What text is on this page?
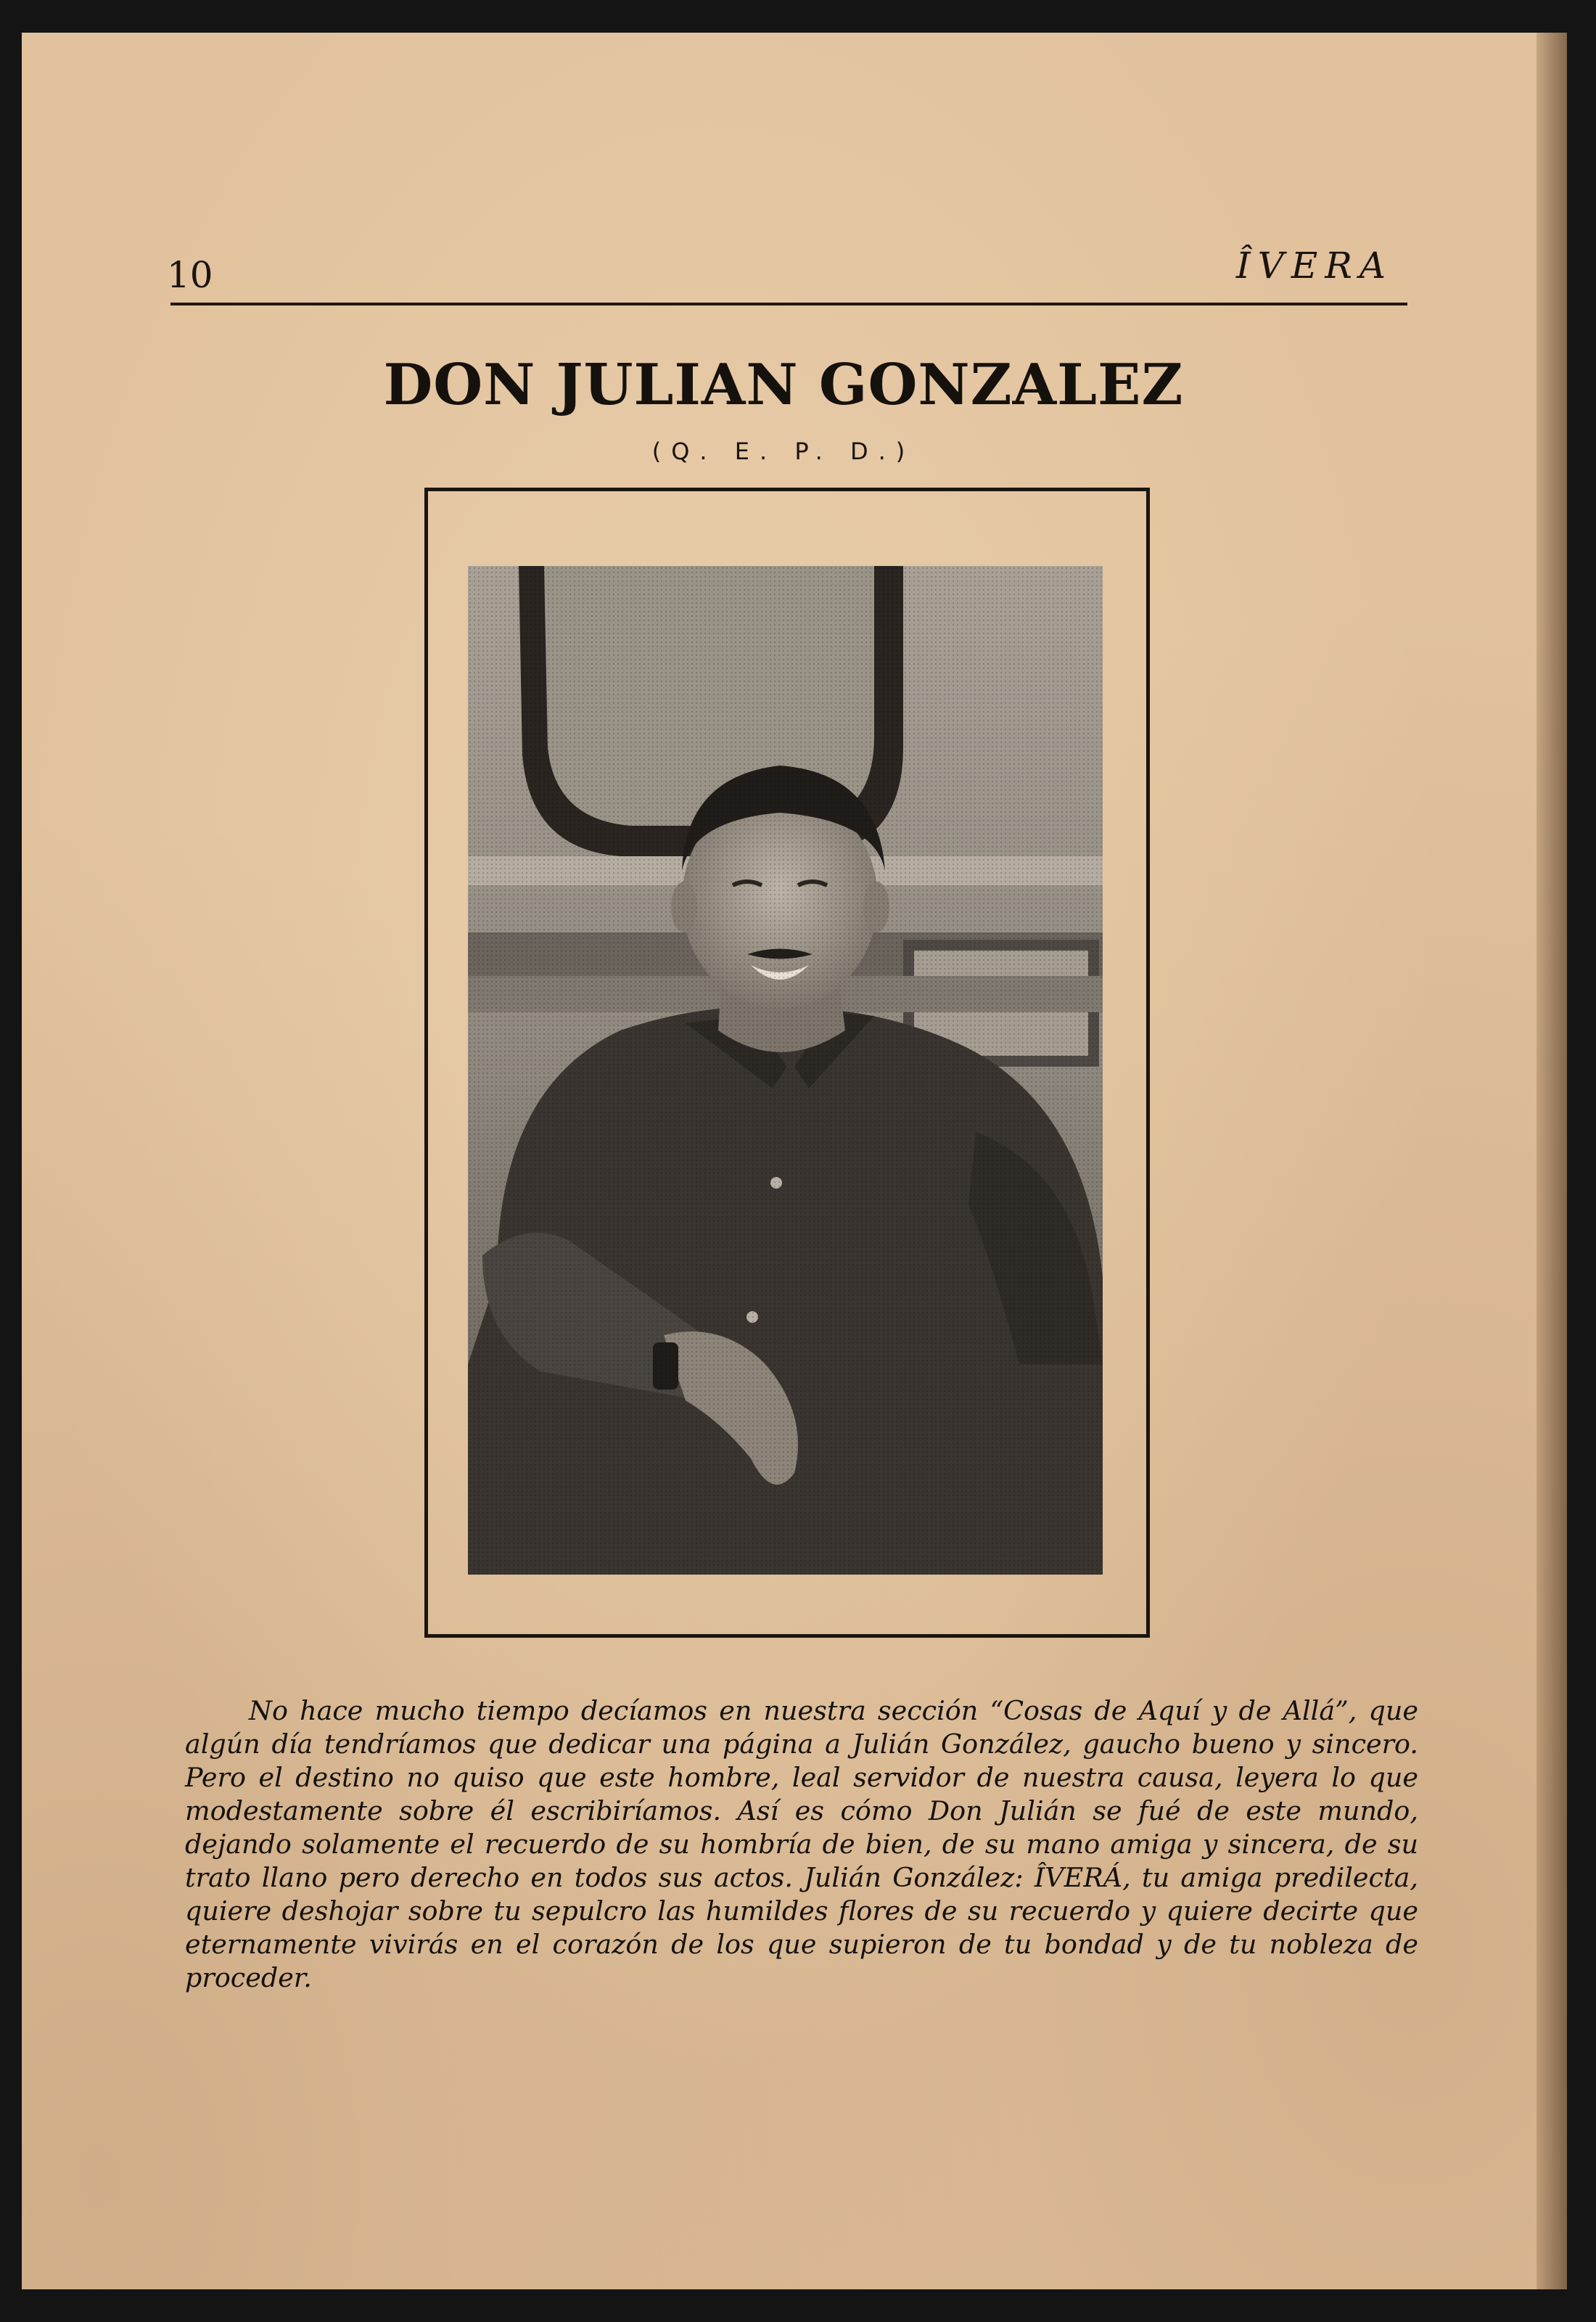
10	ÎVERA
DON JULIAN GONZALEZ
(Q. E. P. D.)

No hace mucho tiempo decíamos en nuestra sección “Cosas de Aquí y de Allá”, que algún día tendríamos que dedicar una página a Julián González, gaucho bueno y sincero. Pero el destino no quiso que este hombre, leal servidor de nuestra causa, leyera lo que modestamente sobre él escribiríamos. Así es cómo Don Julián se fué de este mundo, dejando solamente el recuerdo de su hombría de bien, de su mano amiga y sincera, de su trato llano pero derecho en todos sus actos. Julián González: ÎVERÁ, tu amiga predilecta, quiere deshojar sobre tu sepulcro las humildes flores de su recuerdo y quiere decirte que eternamente vivirás en el corazón de los que supieron de tu bondad y de tu nobleza de proceder.
